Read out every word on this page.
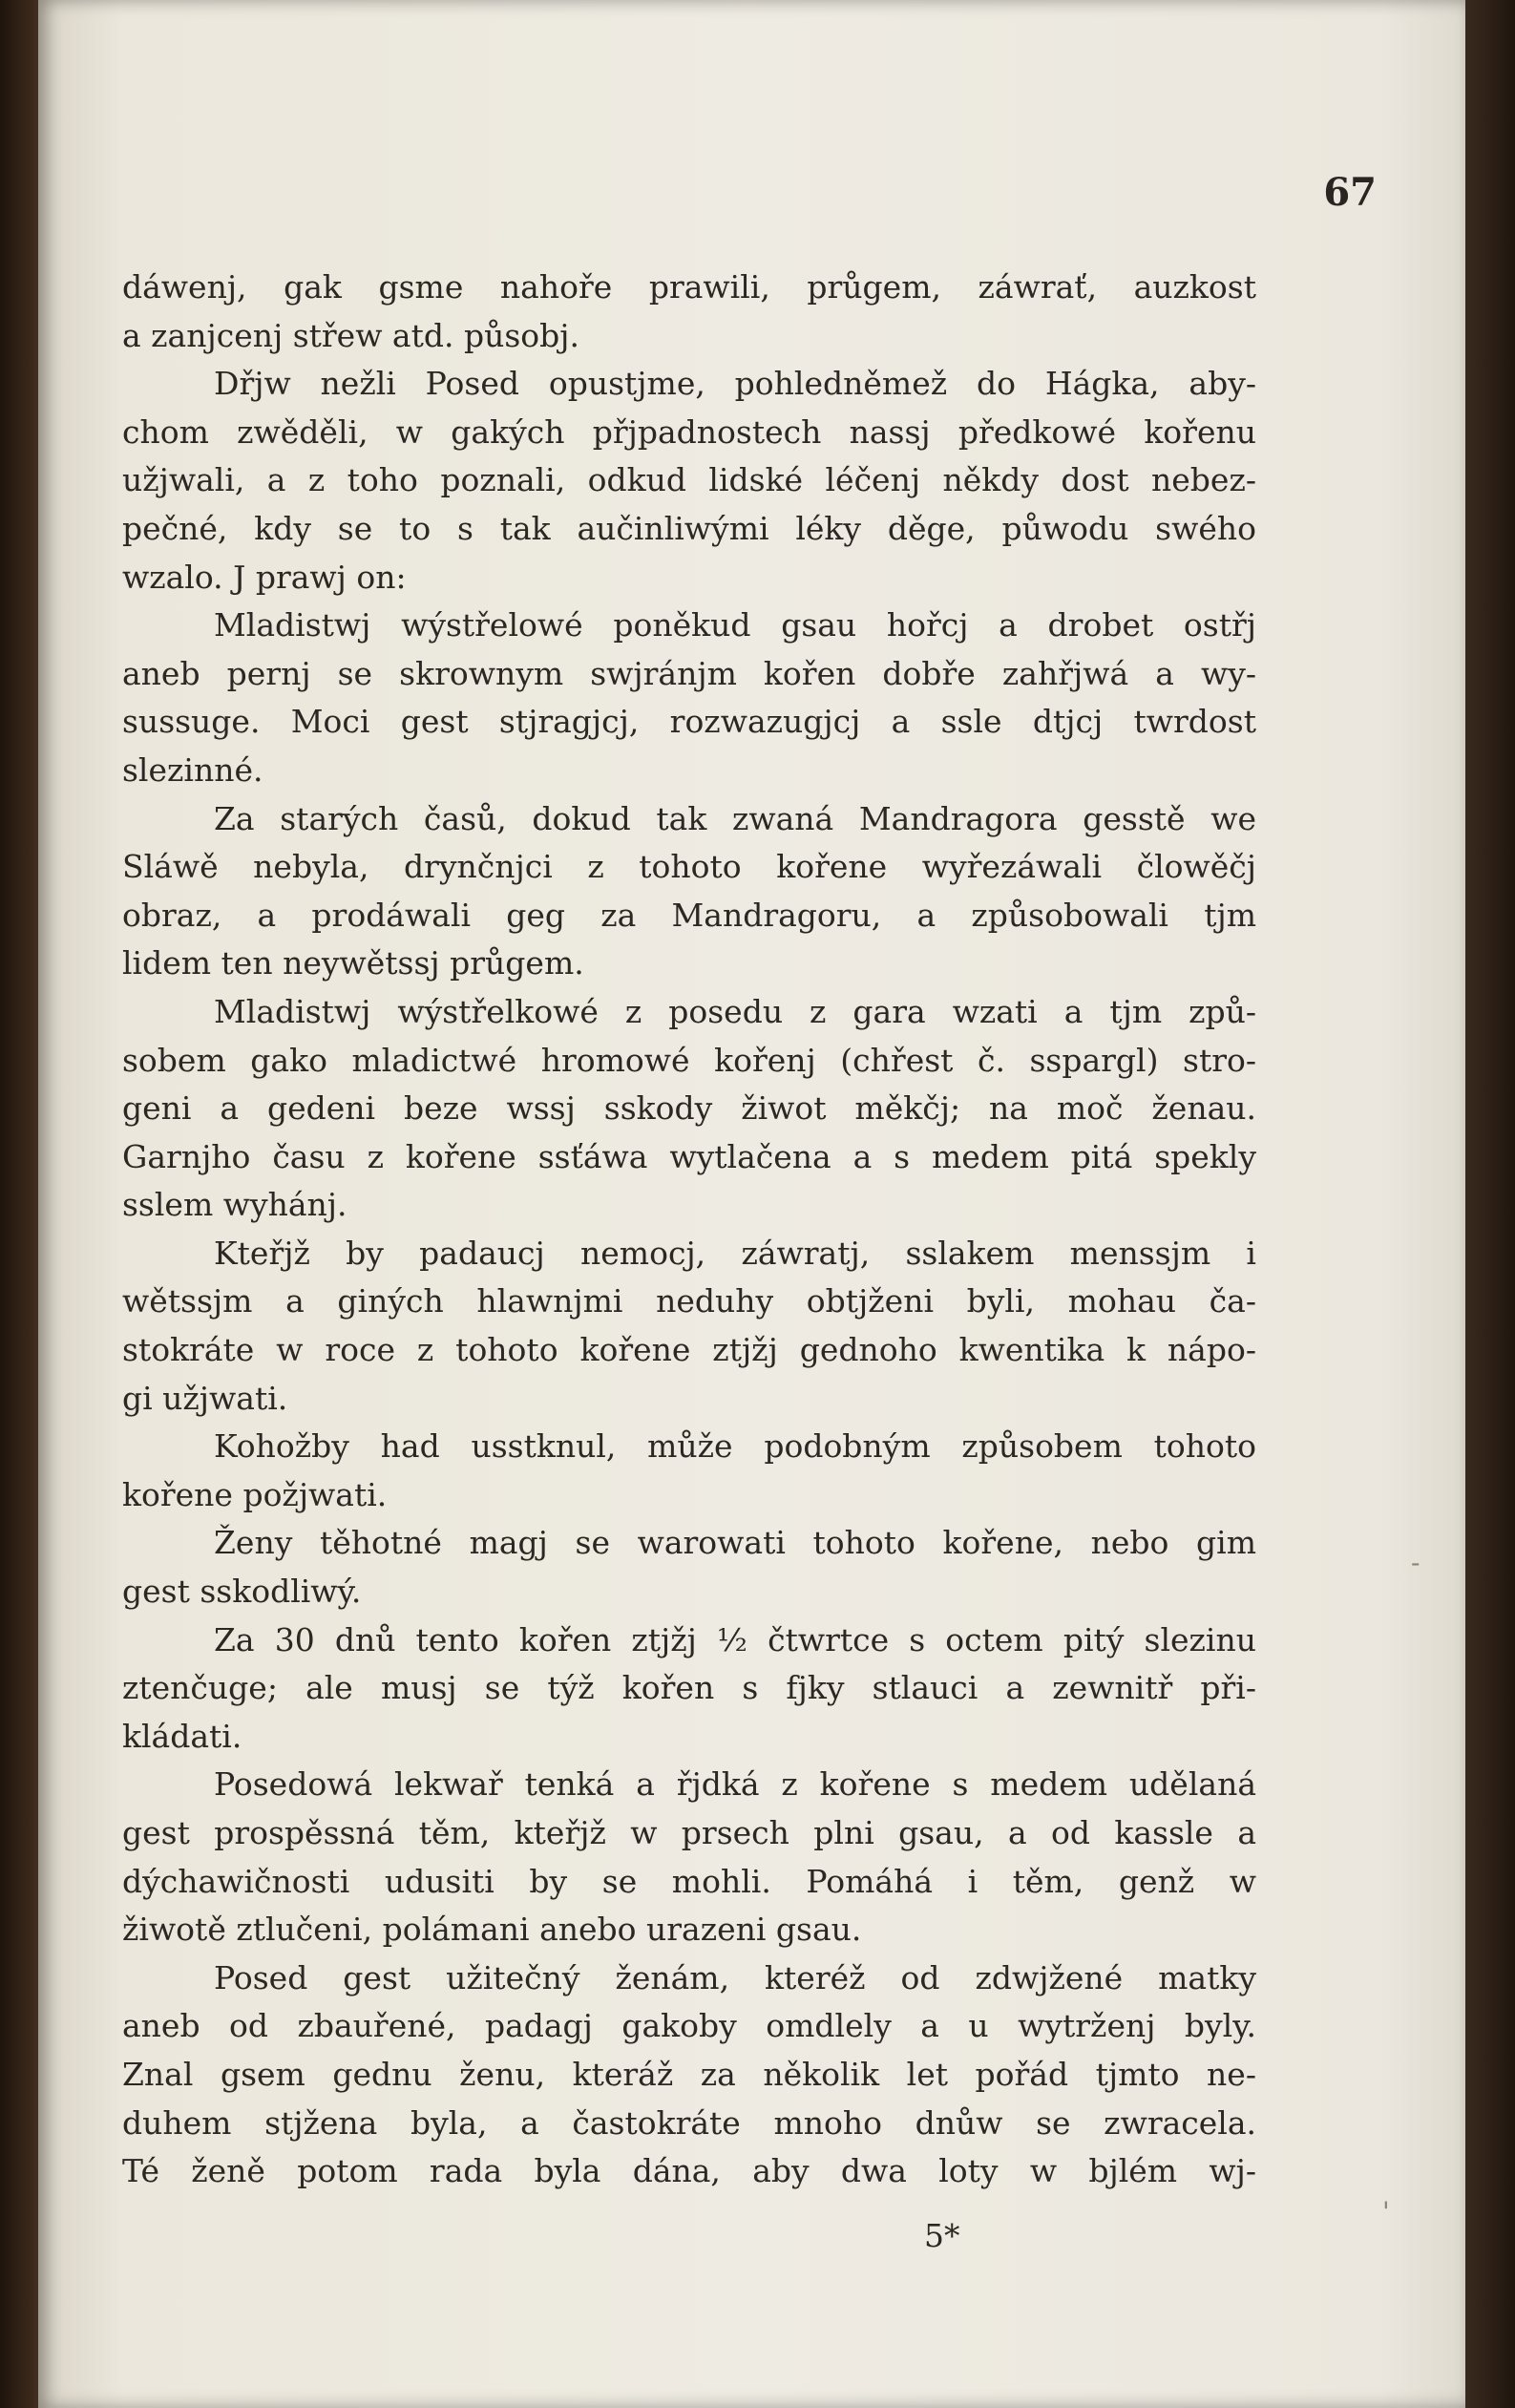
67
dáwenj, gak gsme nahoře prawili, průgem, záwrať, auzkost
a zanjcenj střew atd. působj.
Dřjw nežli Posed opustjme, pohledněmež do Hágka, aby-
chom zwěděli, w gakých přjpadnostech nassj předkowé kořenu
užjwali, a z toho poznali, odkud lidské léčenj někdy dost nebez-
pečné, kdy se to s tak aučinliwými léky děge, půwodu swého
wzalo. J prawj on:
Mladistwj wýstřelowé poněkud gsau hořcj a drobet ostřj
aneb pernj se skrownym swjránjm kořen dobře zahřjwá a wy-
sussuge. Moci gest stjragjcj, rozwazugjcj a ssle dtjcj twrdost
slezinné.
Za starých časů, dokud tak zwaná Mandragora gesstě we
Sláwě nebyla, drynčnjci z tohoto kořene wyřezáwali člowěčj
obraz, a prodáwali geg za Mandragoru, a způsobowali tjm
lidem ten neywětssj průgem.
Mladistwj wýstřelkowé z posedu z gara wzati a tjm způ-
sobem gako mladictwé hromowé kořenj (chřest č. sspargl) stro-
geni a gedeni beze wssj sskody žiwot měkčj; na moč ženau.
Garnjho času z kořene ssťáwa wytlačena a s medem pitá spekly
sslem wyhánj.
Kteřjž by padaucj nemocj, záwratj, sslakem menssjm i
wětssjm a giných hlawnjmi neduhy obtjženi byli, mohau ča-
stokráte w roce z tohoto kořene ztjžj gednoho kwentika k nápo-
gi užjwati.
Kohožby had usstknul, může podobným způsobem tohoto
kořene požjwati.
Ženy těhotné magj se warowati tohoto kořene, nebo gim
gest sskodliwý.
Za 30 dnů tento kořen ztjžj ½ čtwrtce s octem pitý slezinu
ztenčuge; ale musj se týž kořen s fjky stlauci a zewnitř při-
kládati.
Posedowá lekwař tenká a řjdká z kořene s medem udělaná
gest prospěssná těm, kteřjž w prsech plni gsau, a od kassle a
dýchawičnosti udusiti by se mohli. Pomáhá i těm, genž w
žiwotě ztlučeni, polámani anebo urazeni gsau.
Posed gest užitečný ženám, kteréž od zdwjžené matky
aneb od zbauřené, padagj gakoby omdlely a u wytrženj byly.
Znal gsem gednu ženu, kteráž za několik let pořád tjmto ne-
duhem stjžena byla, a častokráte mnoho dnůw se zwracela.
Té ženě potom rada byla dána, aby dwa loty w bjlém wj-
5*
-
'
